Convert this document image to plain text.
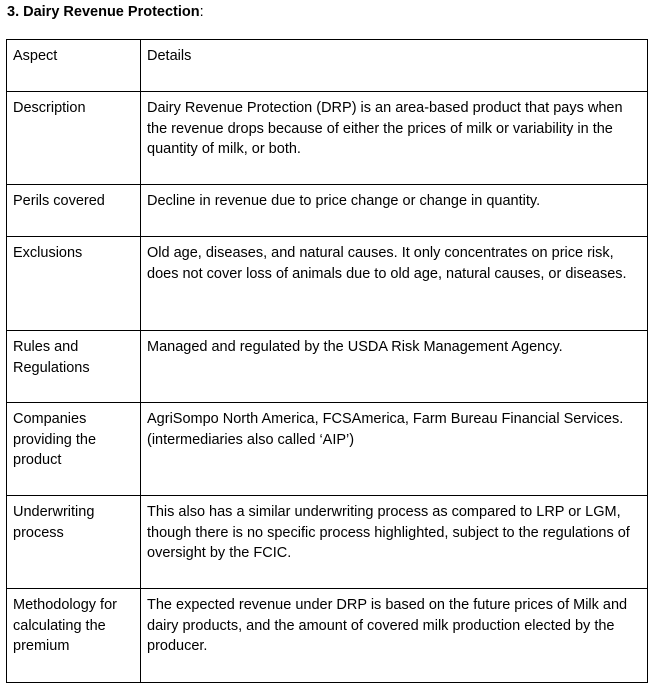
3. Dairy Revenue Protection:
Aspect	Details
Description	Dairy Revenue Protection (DRP) is an area-based product that pays when the revenue drops because of either the prices of milk or variability in the quantity of milk, or both.
Perils covered	Decline in revenue due to price change or change in quantity.
Exclusions	Old age, diseases, and natural causes. It only concentrates on price risk, does not cover loss of animals due to old age, natural causes, or diseases.
Rules and Regulations	Managed and regulated by the USDA Risk Management Agency.
Companies providing the product	AgriSompo North America, FCSAmerica, Farm Bureau Financial Services. (intermediaries also called ‘AIP’)
Underwriting process	This also has a similar underwriting process as compared to LRP or LGM, though there is no specific process highlighted, subject to the regulations of oversight by the FCIC.
Methodology for calculating the premium	The expected revenue under DRP is based on the future prices of Milk and dairy products, and the amount of covered milk production elected by the producer.
